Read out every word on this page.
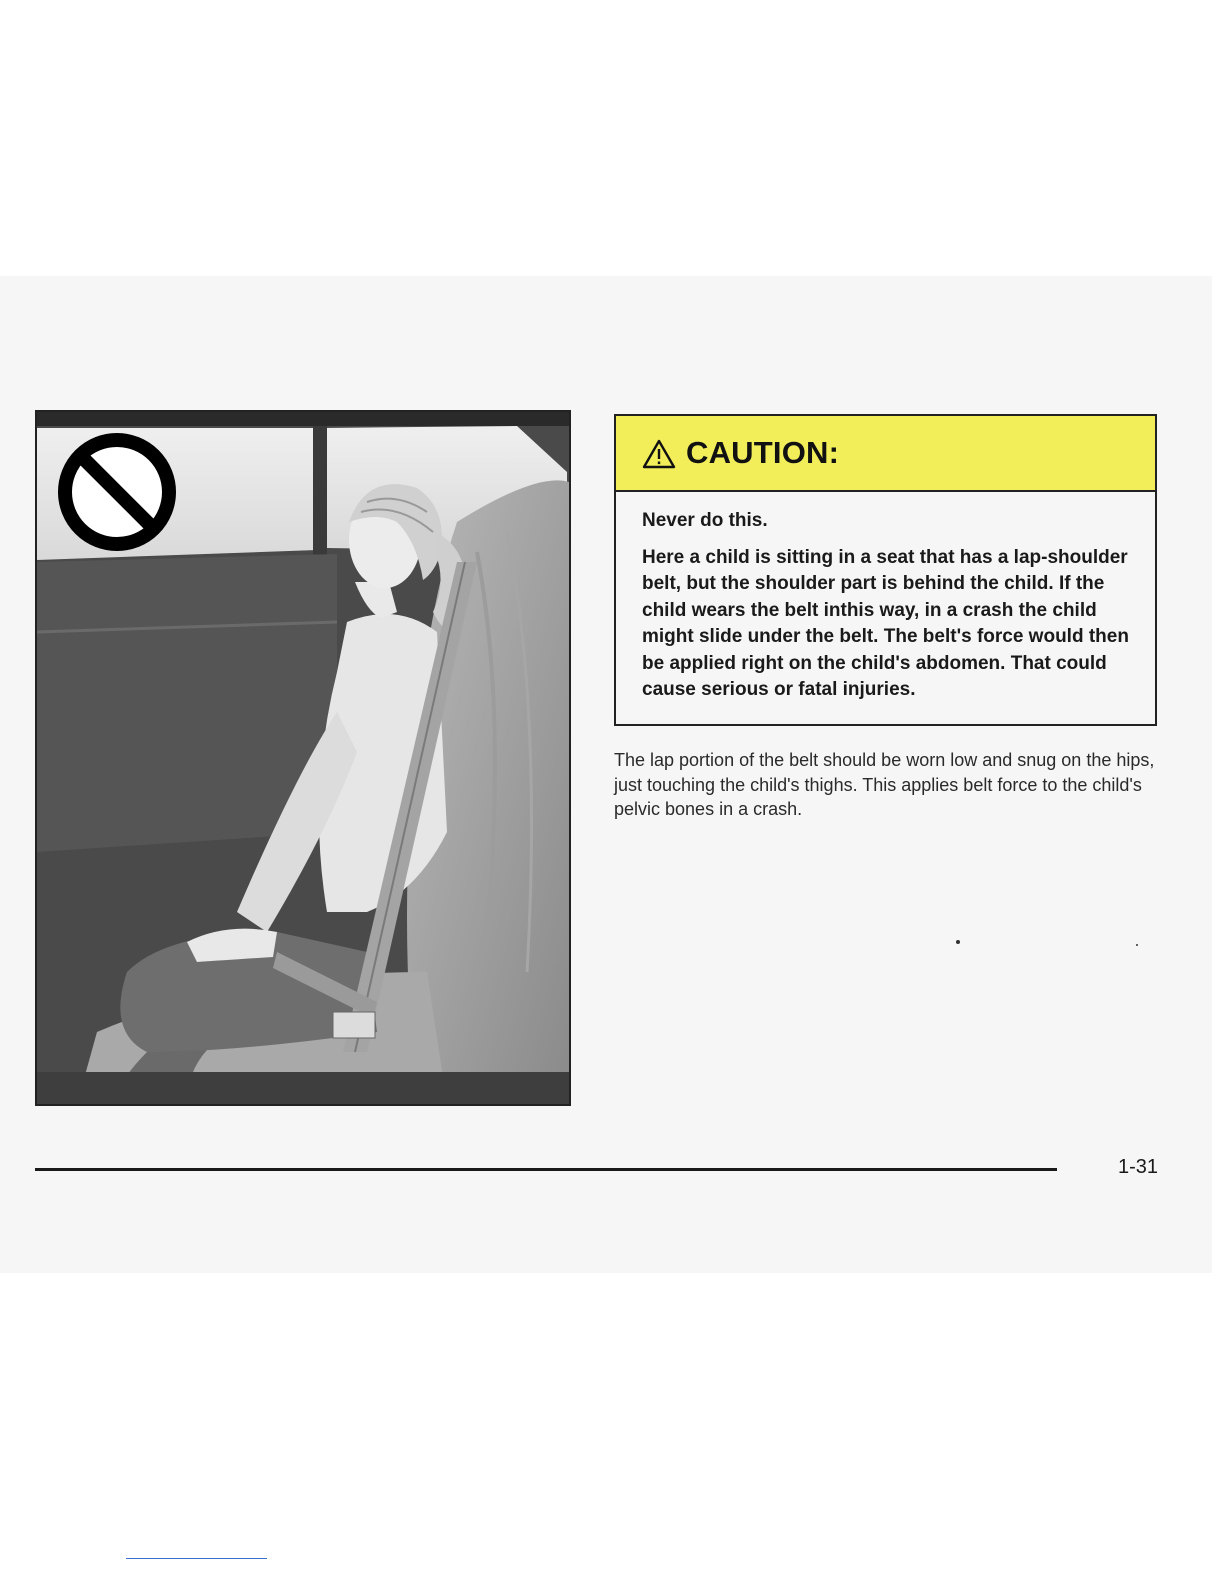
CAUTION:

Never do this.

Here a child is sitting in a seat that has a lap-shoulder belt, but the shoulder part is behind the child. If the child wears the belt inthis way, in a crash the child might slide under the belt. The belt's force would then be applied right on the child's abdomen. That could cause serious or fatal injuries.

The lap portion of the belt should be worn low and snug on the hips, just touching the child's thighs. This applies belt force to the child's pelvic bones in a crash.

1-31
